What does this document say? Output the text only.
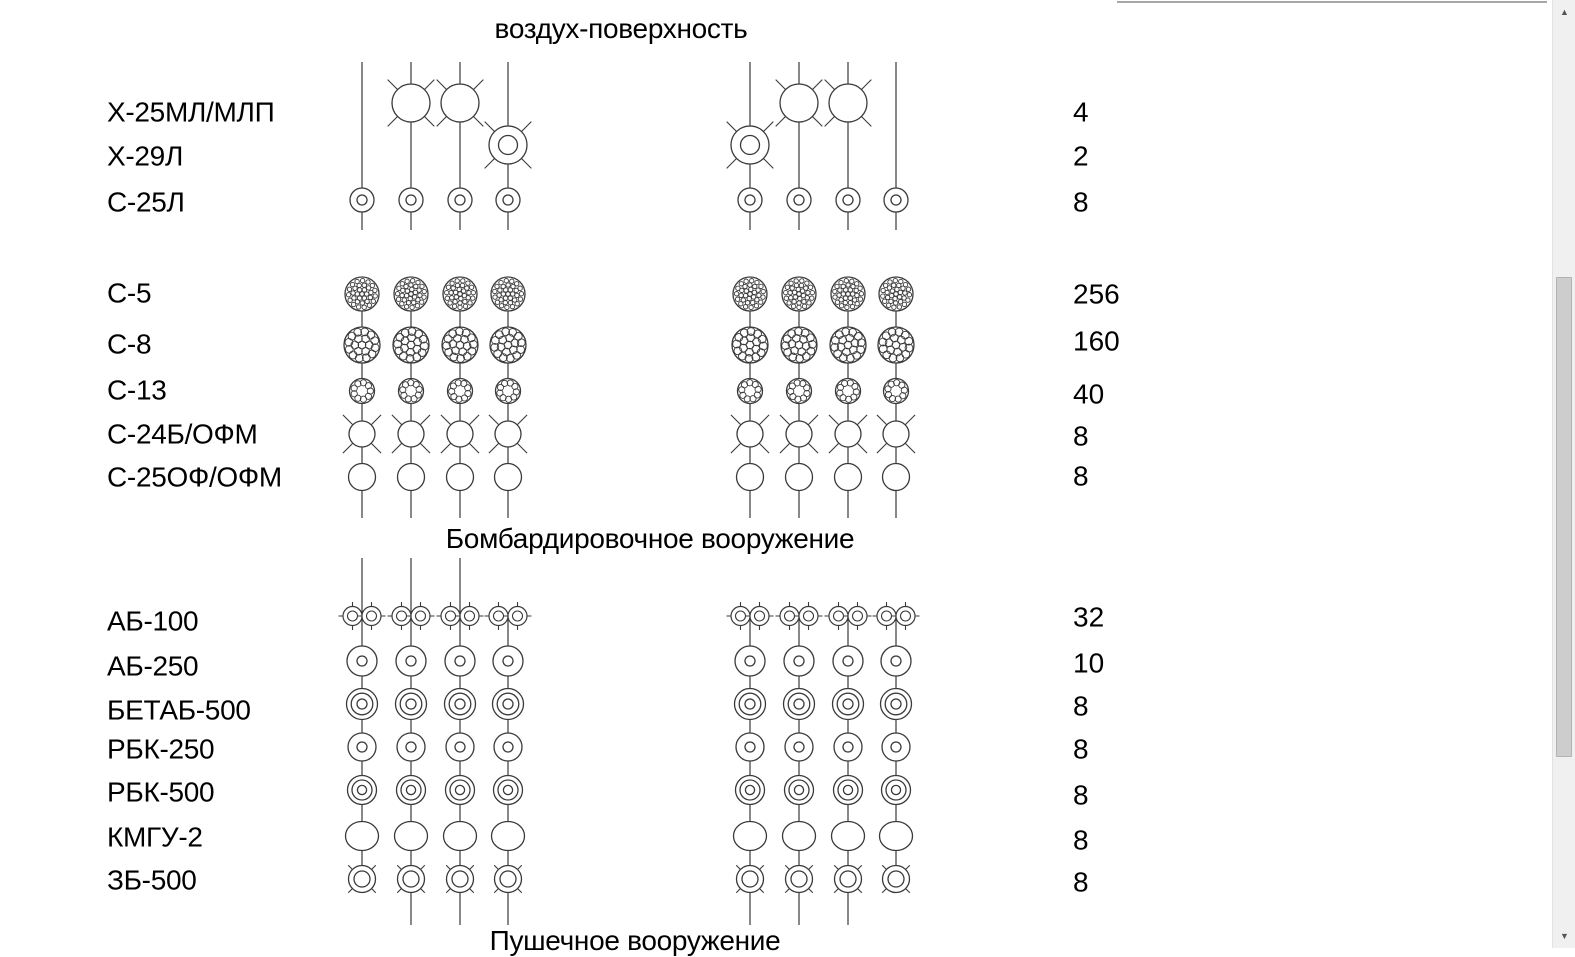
воздух-поверхность
Бомбардировочное вооружение
Пушечное вооружение
Х-25МЛ/МЛП	4
Х-29Л	2
С-25Л	8
С-5	256
С-8	160
С-13	40
С-24Б/ОФМ	8
С-25ОФ/ОФМ	8
АБ-100	32
АБ-250	10
БЕТАБ-500	8
РБК-250	8
РБК-500	8
КМГУ-2	8
ЗБ-500	8
▲
▼
